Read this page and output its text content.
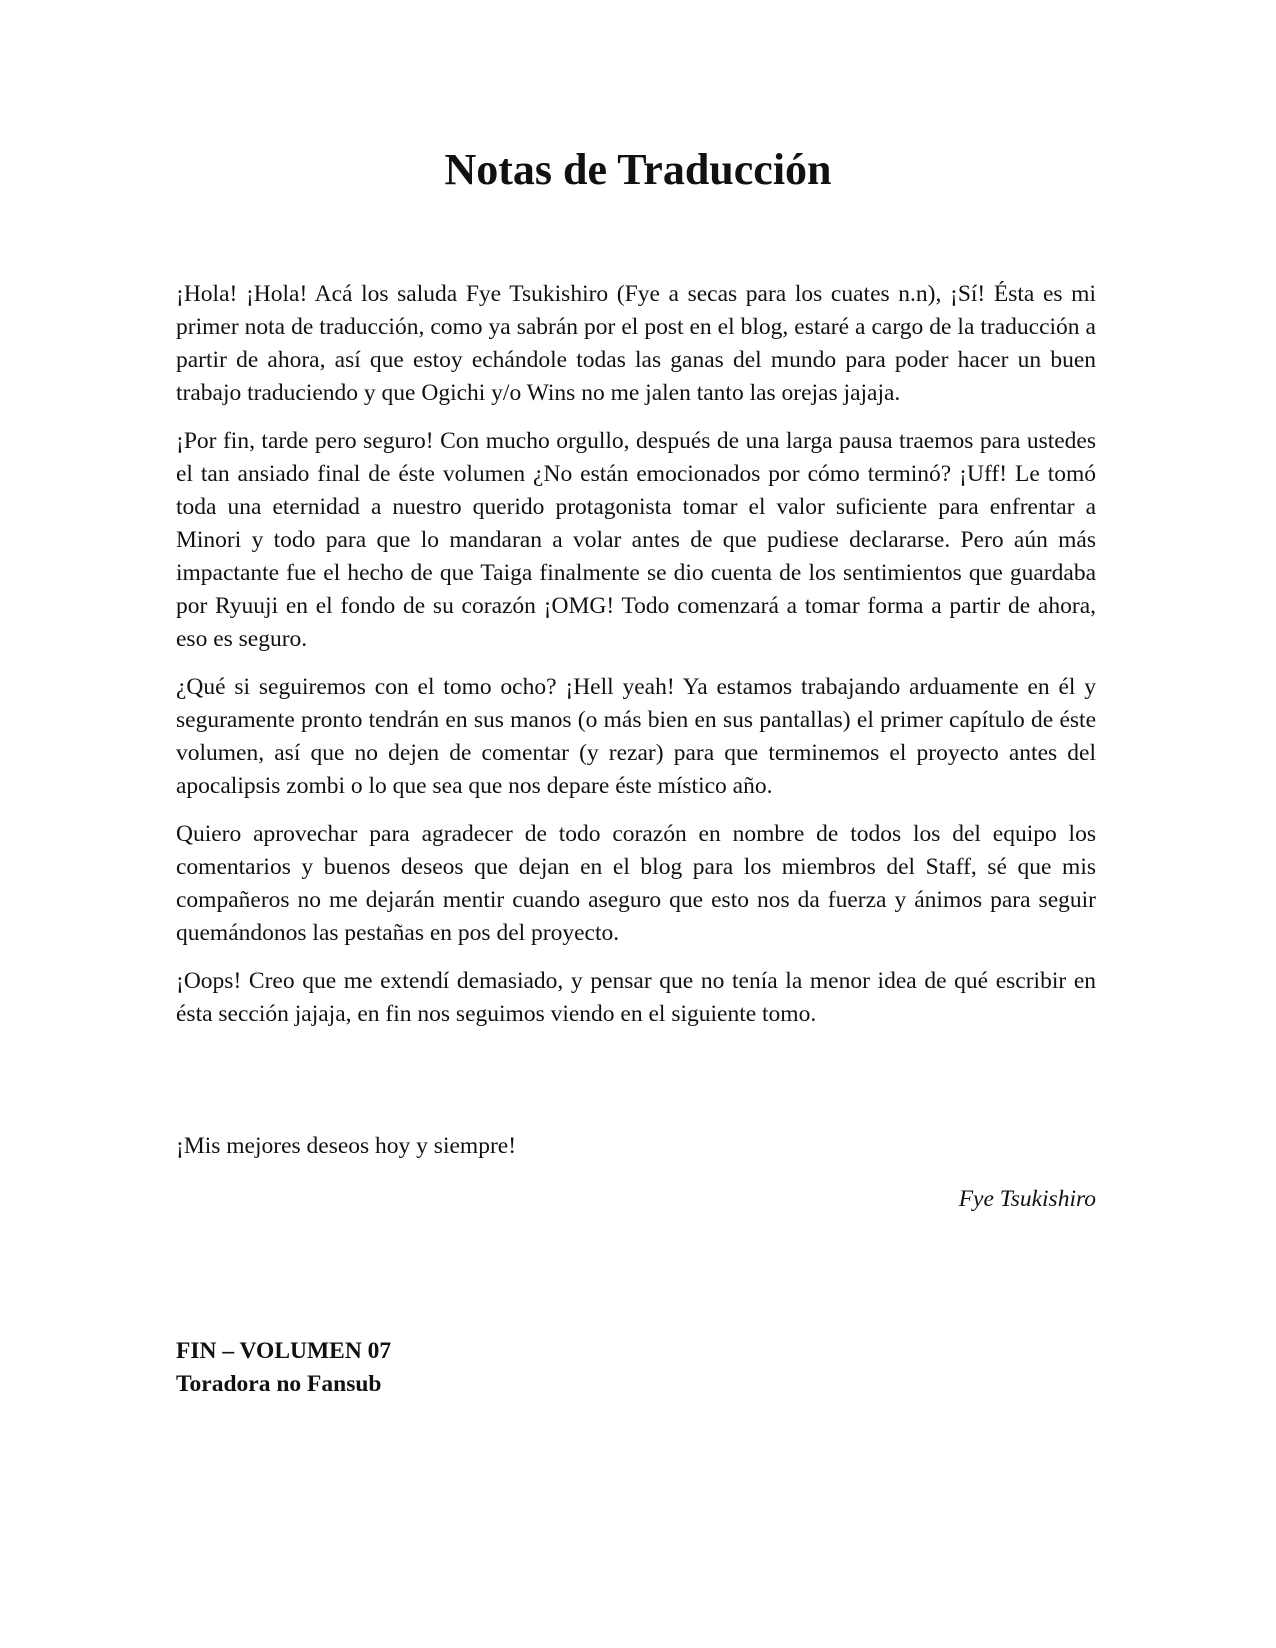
Notas de Traducción

¡Hola! ¡Hola! Acá los saluda Fye Tsukishiro (Fye a secas para los cuates n.n), ¡Sí! Ésta es mi primer nota de traducción, como ya sabrán por el post en el blog, estaré a cargo de la traducción a partir de ahora, así que estoy echándole todas las ganas del mundo para poder hacer un buen trabajo traduciendo y que Ogichi y/o Wins no me jalen tanto las orejas jajaja.

¡Por fin, tarde pero seguro! Con mucho orgullo, después de una larga pausa traemos para ustedes el tan ansiado final de éste volumen ¿No están emocionados por cómo terminó? ¡Uff! Le tomó toda una eternidad a nuestro querido protagonista tomar el valor suficiente para enfrentar a Minori y todo para que lo mandaran a volar antes de que pudiese declararse. Pero aún más impactante fue el hecho de que Taiga finalmente se dio cuenta de los sentimientos que guardaba por Ryuuji en el fondo de su corazón ¡OMG! Todo comenzará a tomar forma a partir de ahora, eso es seguro.

¿Qué si seguiremos con el tomo ocho? ¡Hell yeah! Ya estamos trabajando arduamente en él y seguramente pronto tendrán en sus manos (o más bien en sus pantallas) el primer capítulo de éste volumen, así que no dejen de comentar (y rezar) para que terminemos el proyecto antes del apocalipsis zombi o lo que sea que nos depare éste místico año.

Quiero aprovechar para agradecer de todo corazón en nombre de todos los del equipo los comentarios y buenos deseos que dejan en el blog para los miembros del Staff, sé que mis compañeros no me dejarán mentir cuando aseguro que esto nos da fuerza y ánimos para seguir quemándonos las pestañas en pos del proyecto.

¡Oops! Creo que me extendí demasiado, y pensar que no tenía la menor idea de qué escribir en ésta sección jajaja, en fin nos seguimos viendo en el siguiente tomo.

¡Mis mejores deseos hoy y siempre!

Fye Tsukishiro

FIN – VOLUMEN 07
Toradora no Fansub
